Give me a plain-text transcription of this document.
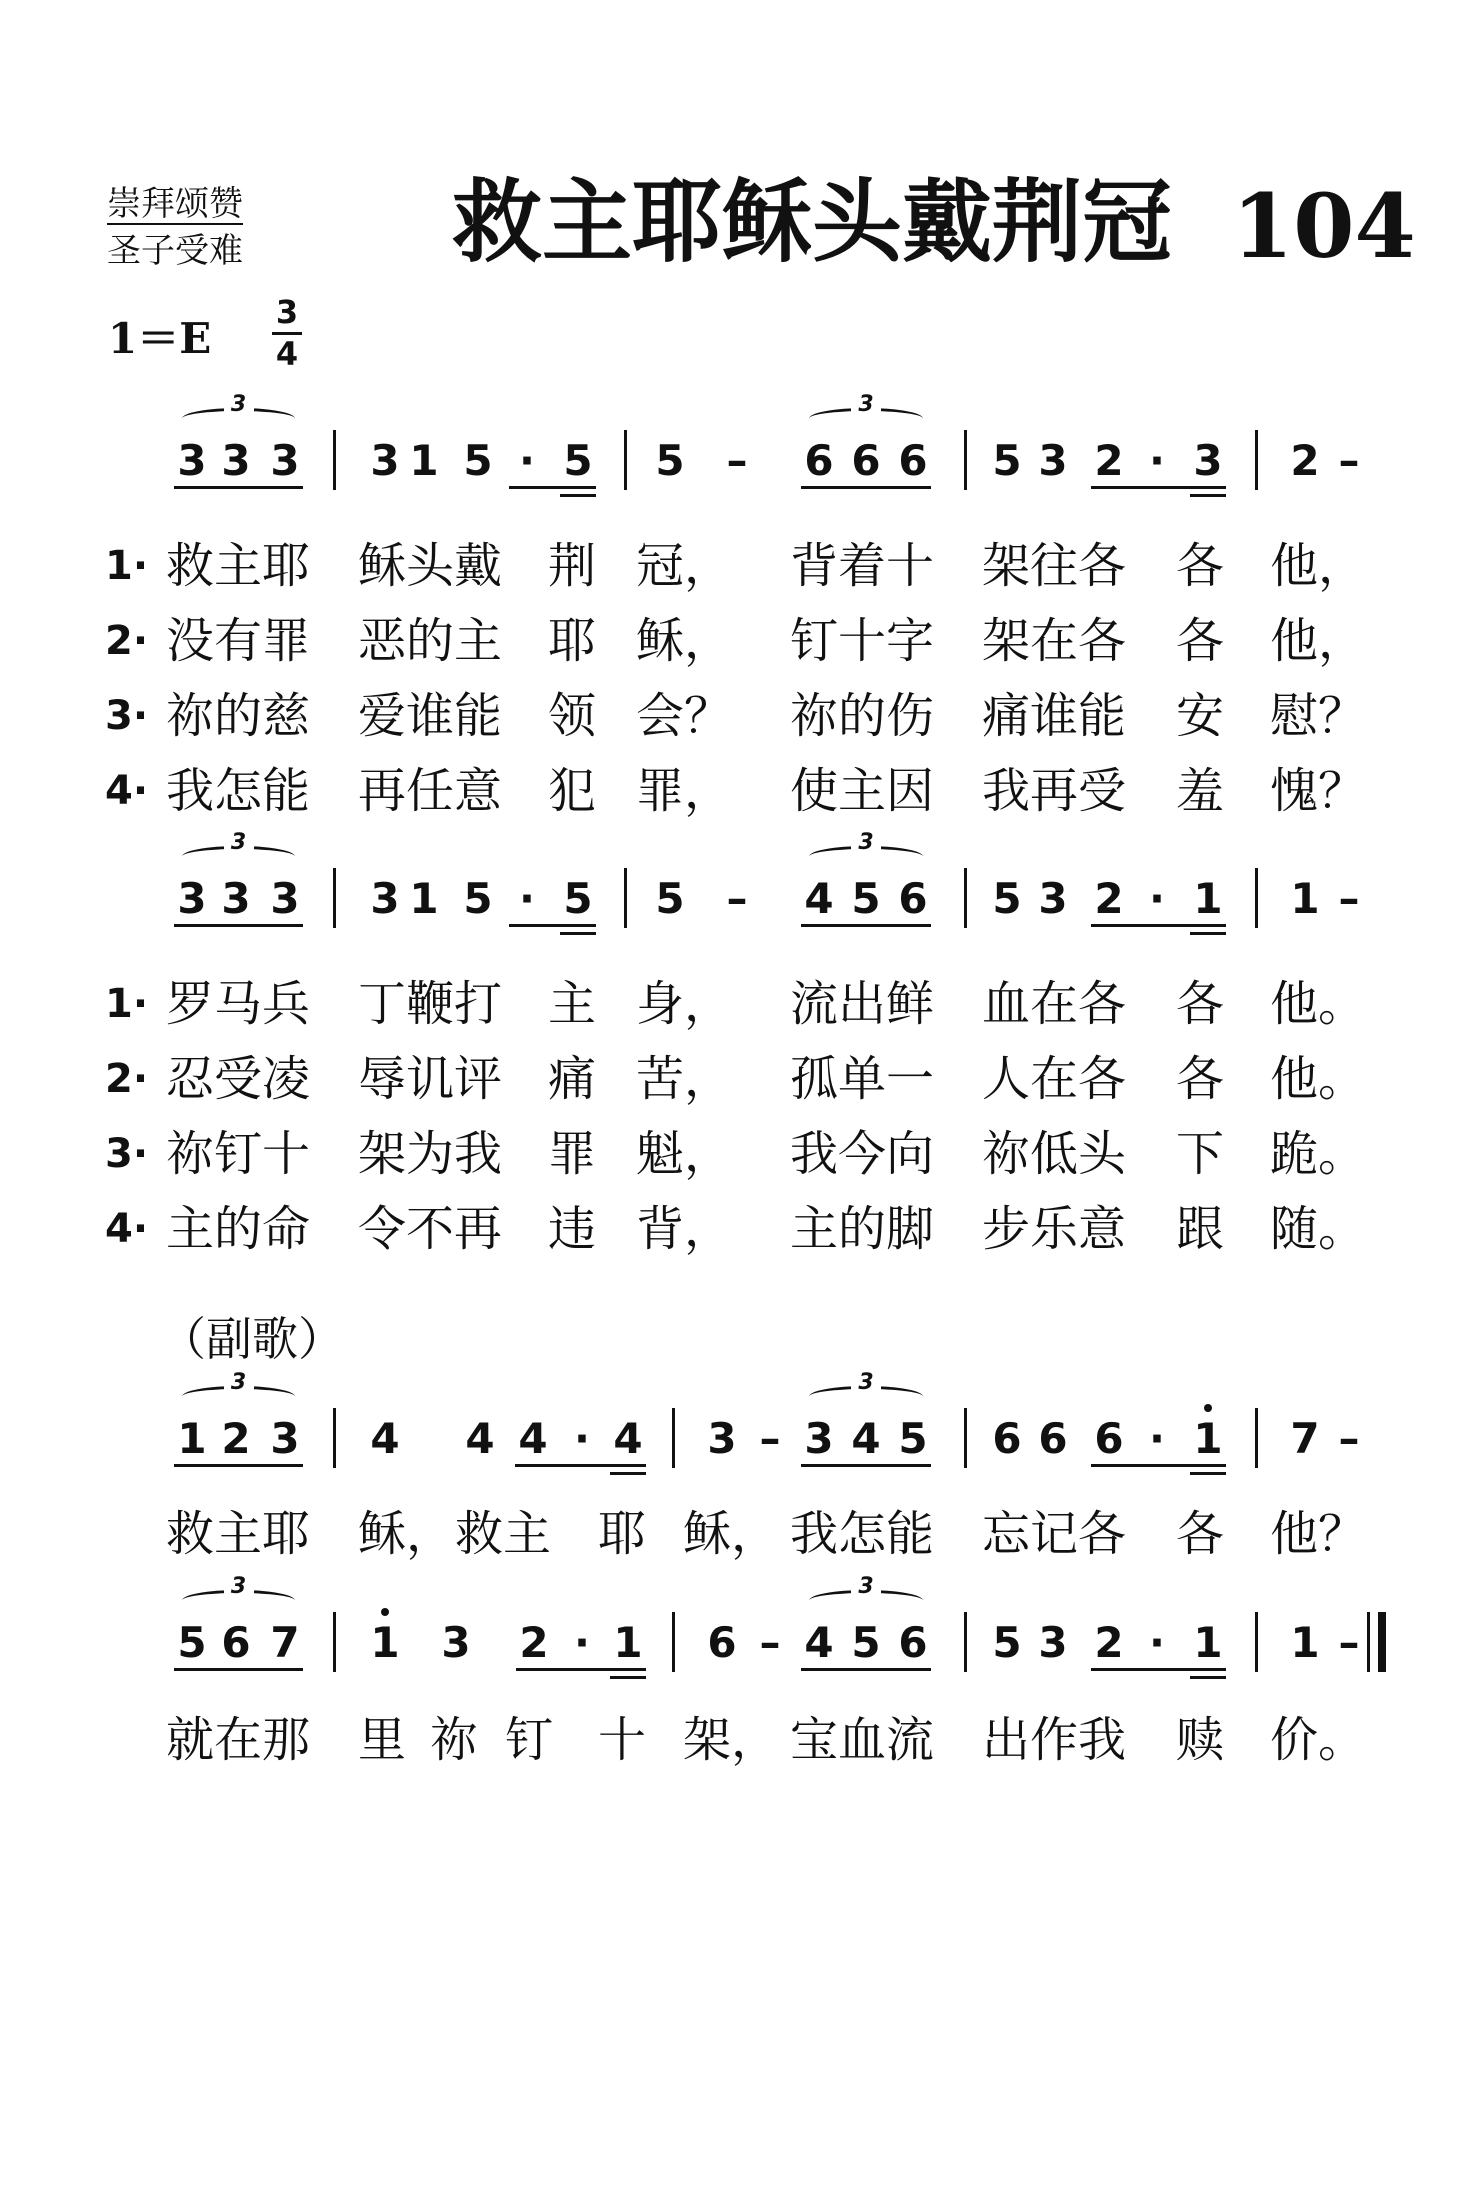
崇拜颂赞
圣子受难 救主耶稣头戴荆冠 104
1＝E
3
4
3 3 3 3 1 5 · 5 5 – 6 6 6 5 3 2 · 3 2 –
3	3
3 3 3 3 1 5 · 5 5 – 4 5 6 5 3 2 · 1 1 –
3	3
1 2 3 4 4 4 · 4 3 – 3 4 5 6 6 6 · 1 7 –
3	3
5 6 7 1 3 2 · 1 6 – 4 5 6 5 3 2 · 1 1 –
3	3
1· 救主耶 稣头戴 荆 冠， 背着十 架往各 各 他，
2· 没有罪 恶的主 耶 稣， 钉十字 架在各 各 他，
3· 祢的慈 爱谁能 领 会？ 祢的伤 痛谁能 安 慰？
4· 我怎能 再任意 犯 罪， 使主因 我再受 羞 愧？
1· 罗马兵 丁鞭打 主 身， 流出鲜 血在各 各 他。
2· 忍受凌 辱讥评 痛 苦， 孤单一 人在各 各 他。
3· 祢钉十 架为我 罪 魁， 我今向 祢低头 下 跪。
4· 主的命 令不再 违 背， 主的脚 步乐意 跟 随。
救主耶 稣， 救主 耶 稣， 我怎能 忘记各 各 他？
就在那 里 祢 钉 十 架， 宝血流 出作我 赎 价。
（副歌）
